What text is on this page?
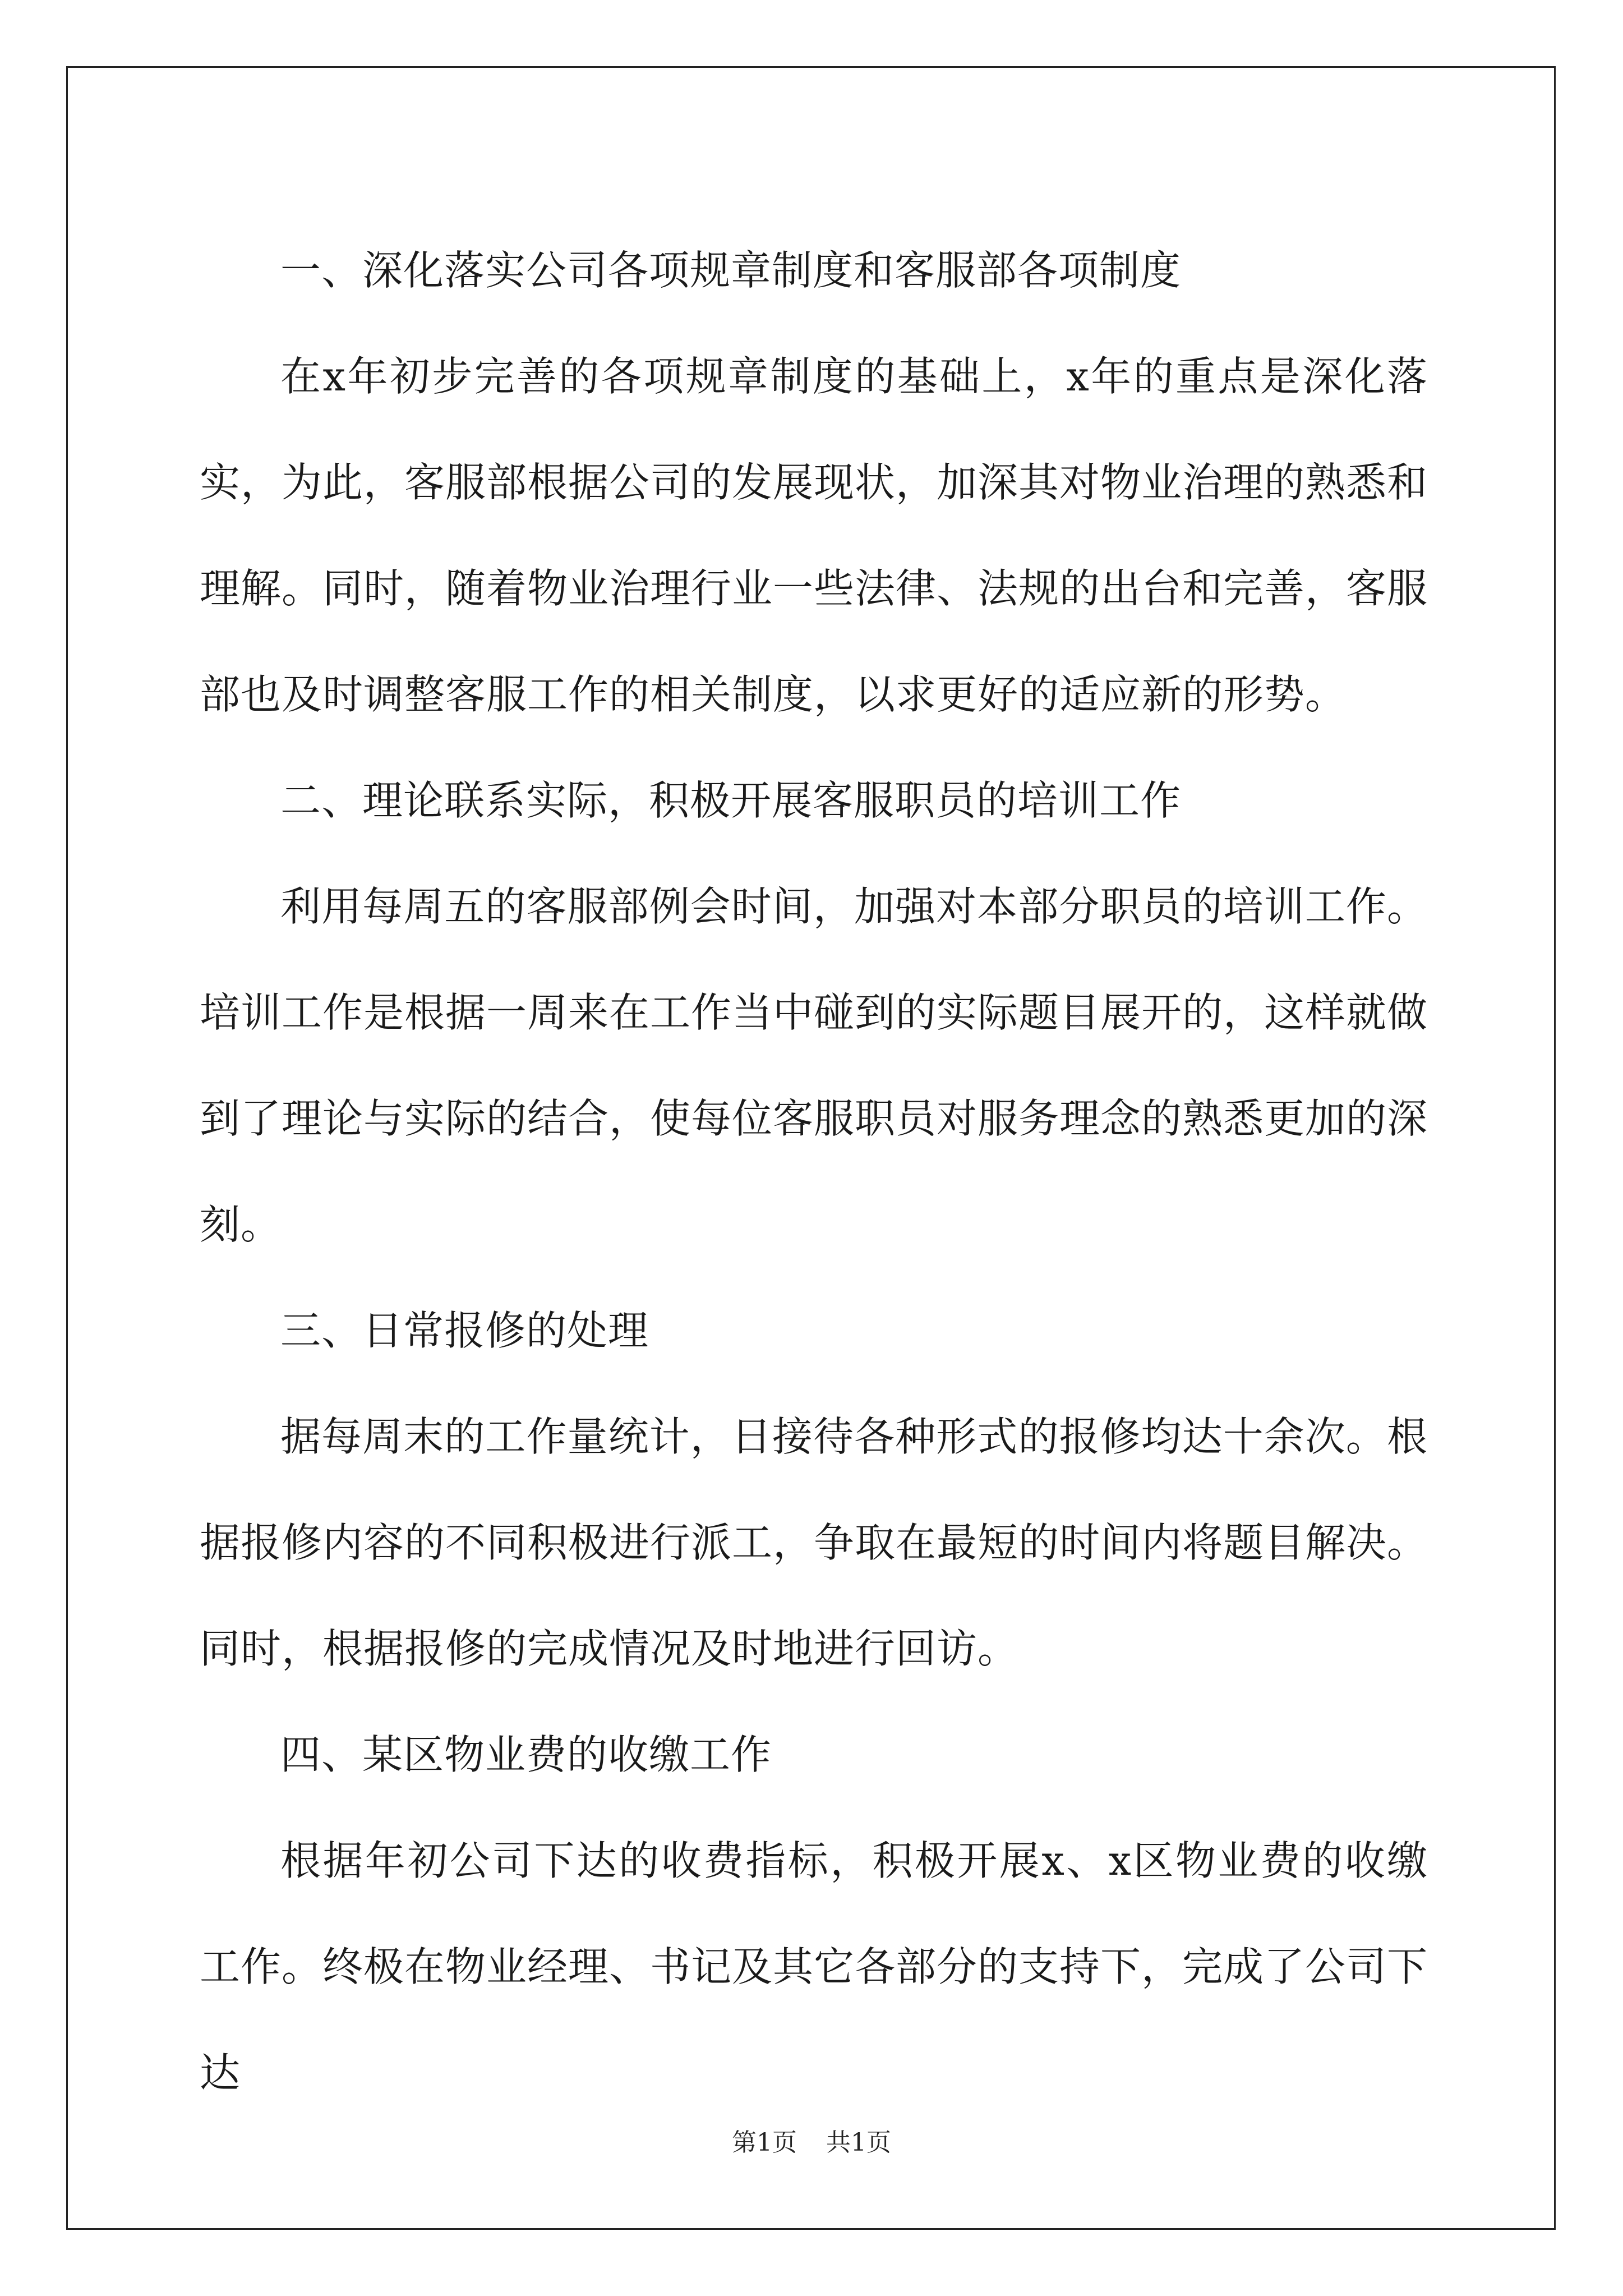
一、深化落实公司各项规章制度和客服部各项制度

在x年初步完善的各项规章制度的基础上，x年的重点是深化落实，为此，客服部根据公司的发展现状，加深其对物业治理的熟悉和理解。同时，随着物业治理行业一些法律、法规的出台和完善，客服部也及时调整客服工作的相关制度，以求更好的适应新的形势。

二、理论联系实际，积极开展客服职员的培训工作

利用每周五的客服部例会时间，加强对本部分职员的培训工作。培训工作是根据一周来在工作当中碰到的实际题目展开的，这样就做到了理论与实际的结合，使每位客服职员对服务理念的熟悉更加的深刻。

三、日常报修的处理

据每周末的工作量统计，日接待各种形式的报修均达十余次。根据报修内容的不同积极进行派工，争取在最短的时间内将题目解决。同时，根据报修的完成情况及时地进行回访。

四、某区物业费的收缴工作

根据年初公司下达的收费指标，积极开展x、x区物业费的收缴工作。终极在物业经理、书记及其它各部分的支持下，完成了公司下达

第1页 共1页
